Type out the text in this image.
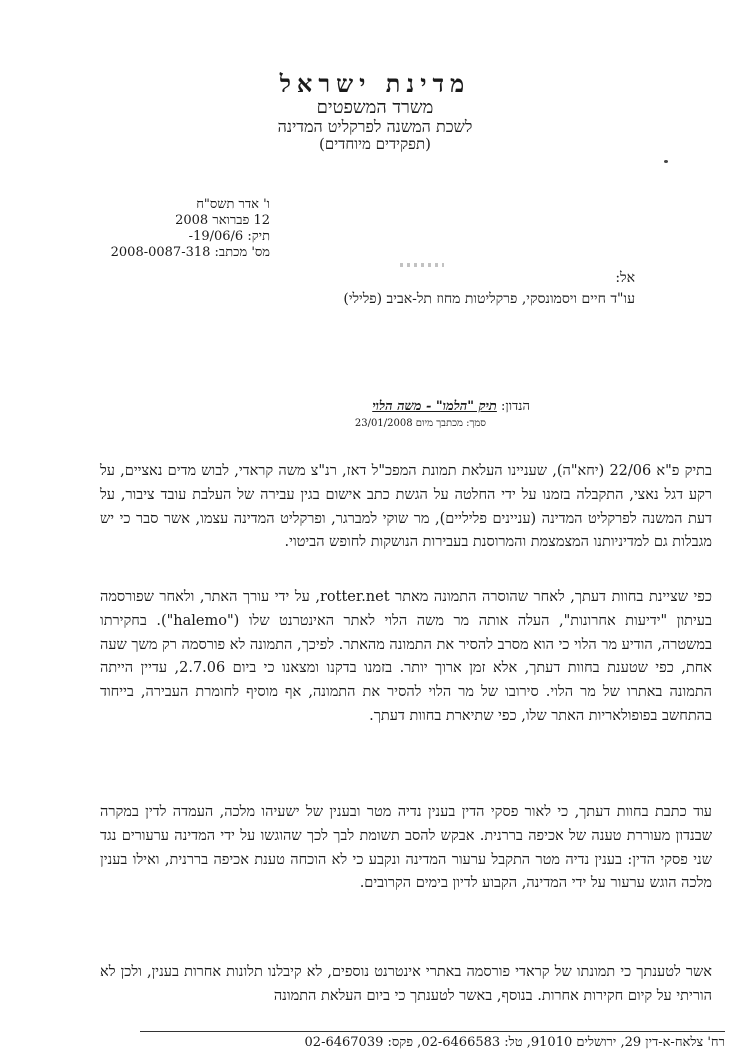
מדינת ישראל
משרד המשפטים
לשכת המשנה לפרקליט המדינה
(תפקידים מיוחדים)
ו' אדר תשס"ח
12 פברואר 2008
תיק: 19/06/6-
מס' מכתב: 2008-0087-318
אל:
עו"ד חיים ויסמונסקי, פרקליטות מחוז תל-אביב (פלילי)
הנדון: תיק "הלמו" - משה הלוי
סמך: מכתבך מיום 23/01/2008
בתיק פ"א 22/06 (יחא"ה), שעניינו העלאת תמונת המפכ"ל דאז, רנ"צ משה קראדי, לבוש מדים נאציים, על רקע דגל נאצי, התקבלה בזמנו על ידי החלטה על הגשת כתב אישום בגין עבירה של העלבת עובד ציבור, על דעת המשנה לפרקליט המדינה (עניינים פליליים), מר שוקי למברגר, ופרקליט המדינה עצמו, אשר סבר כי יש מגבלות גם למדיניותנו המצמצמת והמרוסנת בעבירות הנושקות לחופש הביטוי.
כפי שציינת בחוות דעתך, לאחר שהוסרה התמונה מאתר rotter.net, על ידי עורך האתר, ולאחר שפורסמה בעיתון "ידיעות אחרונות", העלה אותה מר משה הלוי לאתר האינטרנט שלו ("halemo"). בחקירתו במשטרה, הודיע מר הלוי כי הוא מסרב להסיר את התמונה מהאתר. לפיכך, התמונה לא פורסמה רק משך שעה אחת, כפי שטענת בחוות דעתך, אלא זמן ארוך יותר. בזמנו בדקנו ומצאנו כי ביום 2.7.06, עדיין הייתה התמונה באתרו של מר הלוי. סירובו של מר הלוי להסיר את התמונה, אף מוסיף לחומרת העבירה, בייחוד בהתחשב בפופולאריות האתר שלו, כפי שתיארת בחוות דעתך.
עוד כתבת בחוות דעתך, כי לאור פסקי הדין בענין נדיה מטר ובענין של ישעיהו מלכה, העמדה לדין במקרה שבנדון מעוררת טענה של אכיפה בררנית. אבקש להסב תשומת לבך לכך שהוגשו על ידי המדינה ערעורים נגד שני פסקי הדין: בענין נדיה מטר התקבל ערעור המדינה ונקבע כי לא הוכחה טענת אכיפה בררנית, ואילו בענין מלכה הוגש ערעור על ידי המדינה, הקבוע לדיון בימים הקרובים.
אשר לטענתך כי תמונתו של קראדי פורסמה באתרי אינטרנט נוספים, לא קיבלנו תלונות אחרות בענין, ולכן לא הוריתי על קיום חקירות אחרות. בנוסף, באשר לטענתך כי ביום העלאת התמונה
רח' צלאח-א-דין 29, ירושלים 91010, טל: 02-6466583, פקס: 02-6467039
